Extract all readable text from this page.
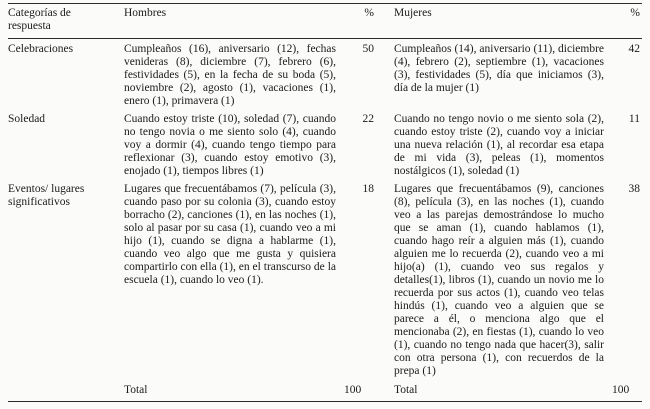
Categorías de respuesta	Hombres	%	Mujeres	%
Celebraciones	Cumpleaños (16), aniversario (12), fechas venideras (8), diciembre (7), febrero (6), festividades (5), en la fecha de su boda (5), noviembre (2), agosto (1), vacaciones (1), enero (1), primavera (1)	50	Cumpleaños (14), aniversario (11), diciembre (4), febrero (2), septiembre (1), vacaciones (3), festividades (5), día que iniciamos (3), día de la mujer (1)	42
Soledad	Cuando estoy triste (10), soledad (7), cuando no tengo novia o me siento solo (4), cuando voy a dormir (4), cuando tengo tiempo para reflexionar (3), cuando estoy emotivo (3), enojado (1), tiempos libres (1)	22	Cuando no tengo novio o me siento sola (2), cuando estoy triste (2), cuando voy a iniciar una nueva relación (1), al recordar esa etapa de mi vida (3), peleas (1), momentos nostálgicos (1), soledad (1)	11
Eventos/ lugares significativos	Lugares que frecuentábamos (7), película (3), cuando paso por su colonia (3), cuando estoy borracho (2), canciones (1), en las noches (1), solo al pasar por su casa (1), cuando veo a mi hijo (1), cuando se digna a hablarme (1), cuando veo algo que me gusta y quisiera compartirlo con ella (1), en el transcurso de la escuela (1), cuando lo veo (1).	18	Lugares que frecuentábamos (9), canciones (8), película (3), en las noches (1), cuando veo a las parejas demostrándose lo mucho que se aman (1), cuando hablamos (1), cuando hago reír a alguien más (1), cuando alguien me lo recuerda (2), cuando veo a mi hijo(a) (1), cuando veo sus regalos y detalles(1), libros (1), cuando un novio me lo recuerda por sus actos (1), cuando veo telas hindús (1), cuando veo a alguien que se parece a él, o menciona algo que el mencionaba (2), en fiestas (1), cuando lo veo (1), cuando no tengo nada que hacer(3), salir con otra persona (1), con recuerdos de la prepa (1)	38
	Total	100	Total	100
